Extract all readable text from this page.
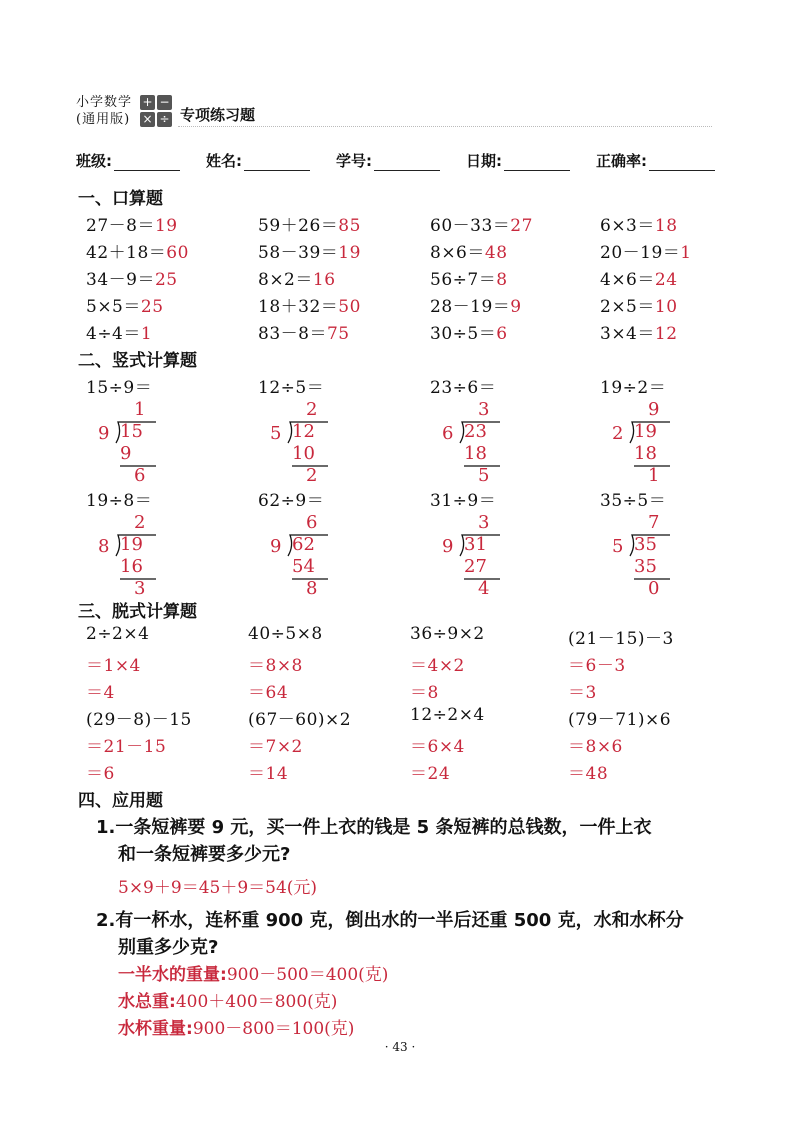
小学数学
(通用版)
+ −
× ÷ 专项练习题
班级:	姓名:	学号:	日期:	正确率:
一、口算题
27－8＝19	59＋26＝85	60－33＝27	6×3＝18
42＋18＝60	58－39＝19	8×6＝48	20－19＝1
34－9＝25	8×2＝16	56÷7＝8	4×6＝24
5×5＝25	18＋32＝50	28－19＝9	2×5＝10
4÷4＝1	83－8＝75	30÷5＝6	3×4＝12
二、竖式计算题
15÷9＝
1
9 15
9
6
12÷5＝
2
5 12
10
2
23÷6＝
3
6 23
18
5
19÷2＝
9
2 19
18
1
19÷8＝
2
8 19
16
3
62÷9＝
6
9 62
54
8
31÷9＝
3
9 31
27
4
35÷5＝
7
5 35
35
0
三、脱式计算题
2÷2×4
＝1×4
＝4
40÷5×8
＝8×8
＝64
36÷9×2
＝4×2
＝8
(21－15)－3
＝6－3
＝3
(29－8)－15
＝21－15
＝6
(67－60)×2
＝7×2
＝14
12÷2×4
＝6×4
＝24
(79－71)×6
＝8×6
＝48
四、应用题
1.一条短裤要 9 元，买一件上衣的钱是 5 条短裤的总钱数，一件上衣
和一条短裤要多少元?
5×9＋9＝45＋9＝54(元)
2.有一杯水，连杯重 900 克，倒出水的一半后还重 500 克，水和水杯分
别重多少克?
一半水的重量:900－500＝400(克)
水总重:400＋400＝800(克)
水杯重量:900－800＝100(克)
· 43 ·
